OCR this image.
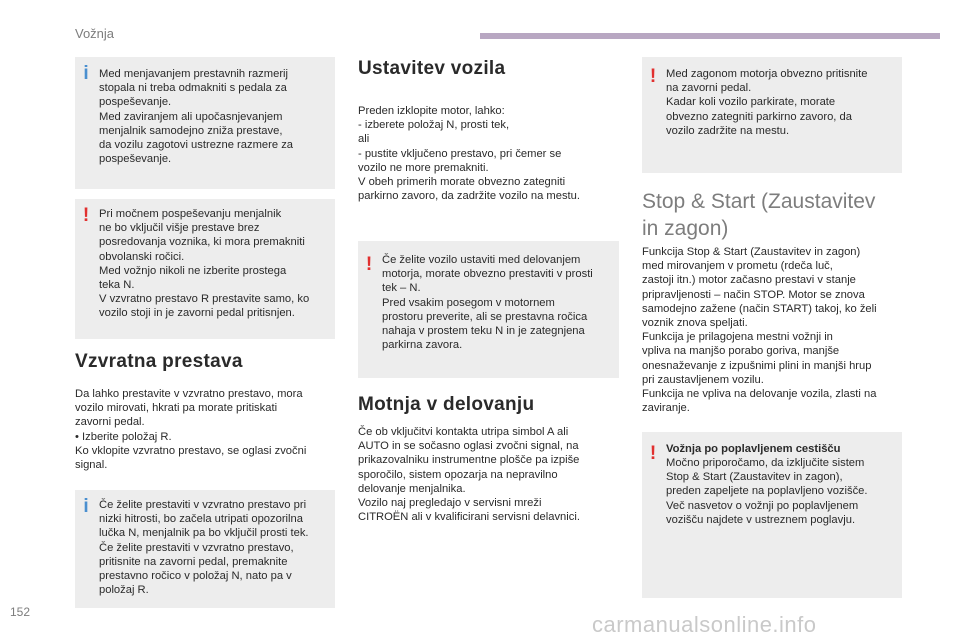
Vožnja
i Med menjavanjem prestavnih razmerij
stopala ni treba odmakniti s pedala za
pospeševanje.
Med zaviranjem ali upočasnjevanjem
menjalnik samodejno zniža prestave,
da vozilu zagotovi ustrezne razmere za
pospeševanje.
! Pri močnem pospeševanju menjalnik
ne bo vključil višje prestave brez
posredovanja voznika, ki mora premakniti
obvolanski ročici.
Med vožnjo nikoli ne izberite prostega
teka N.
V vzvratno prestavo R prestavite samo, ko
vozilo stoji in je zavorni pedal pritisnjen.
Vzvratna prestava
Da lahko prestavite v vzvratno prestavo, mora
vozilo mirovati, hkrati pa morate pritiskati
zavorni pedal.
• Izberite položaj R.
Ko vklopite vzvratno prestavo, se oglasi zvočni
signal.
i Če želite prestaviti v vzvratno prestavo pri
nizki hitrosti, bo začela utripati opozorilna
lučka N, menjalnik pa bo vključil prosti tek.
Če želite prestaviti v vzvratno prestavo,
pritisnite na zavorni pedal, premaknite
prestavno ročico v položaj N, nato pa v
položaj R.
Ustavitev vozila
Preden izklopite motor, lahko:
- izberete položaj N, prosti tek,
ali
- pustite vključeno prestavo, pri čemer se
vozilo ne more premakniti.
V obeh primerih morate obvezno zategniti
parkirno zavoro, da zadržite vozilo na mestu.
! Če želite vozilo ustaviti med delovanjem
motorja, morate obvezno prestaviti v prosti
tek – N.
Pred vsakim posegom v motornem
prostoru preverite, ali se prestavna ročica
nahaja v prostem teku N in je zategnjena
parkirna zavora.
Motnja v delovanju
Če ob vključitvi kontakta utripa simbol A ali
AUTO in se sočasno oglasi zvočni signal, na
prikazovalniku instrumentne plošče pa izpiše
sporočilo, sistem opozarja na nepravilno
delovanje menjalnika.
Vozilo naj pregledajo v servisni mreži
CITROËN ali v kvalificirani servisni delavnici.
! Med zagonom motorja obvezno pritisnite
na zavorni pedal.
Kadar koli vozilo parkirate, morate
obvezno zategniti parkirno zavoro, da
vozilo zadržite na mestu.
Stop & Start (Zaustavitev
in zagon)
Funkcija Stop & Start (Zaustavitev in zagon)
med mirovanjem v prometu (rdeča luč,
zastoji itn.) motor začasno prestavi v stanje
pripravljenosti – način STOP. Motor se znova
samodejno zažene (način START) takoj, ko želi
voznik znova speljati.
Funkcija je prilagojena mestni vožnji in
vpliva na manjšo porabo goriva, manjše
onesnaževanje z izpušnimi plini in manjši hrup
pri zaustavljenem vozilu.
Funkcija ne vpliva na delovanje vozila, zlasti na
zaviranje.
! Vožnja po poplavljenem cestišču
Močno priporočamo, da izklјučite sistem
Stop & Start (Zaustavitev in zagon),
preden zapeljete na poplavljeno vozišče.
Več nasvetov o vožnji po poplavljenem
vozišču najdete v ustreznem poglavju.
152	carmanualsonline.info
